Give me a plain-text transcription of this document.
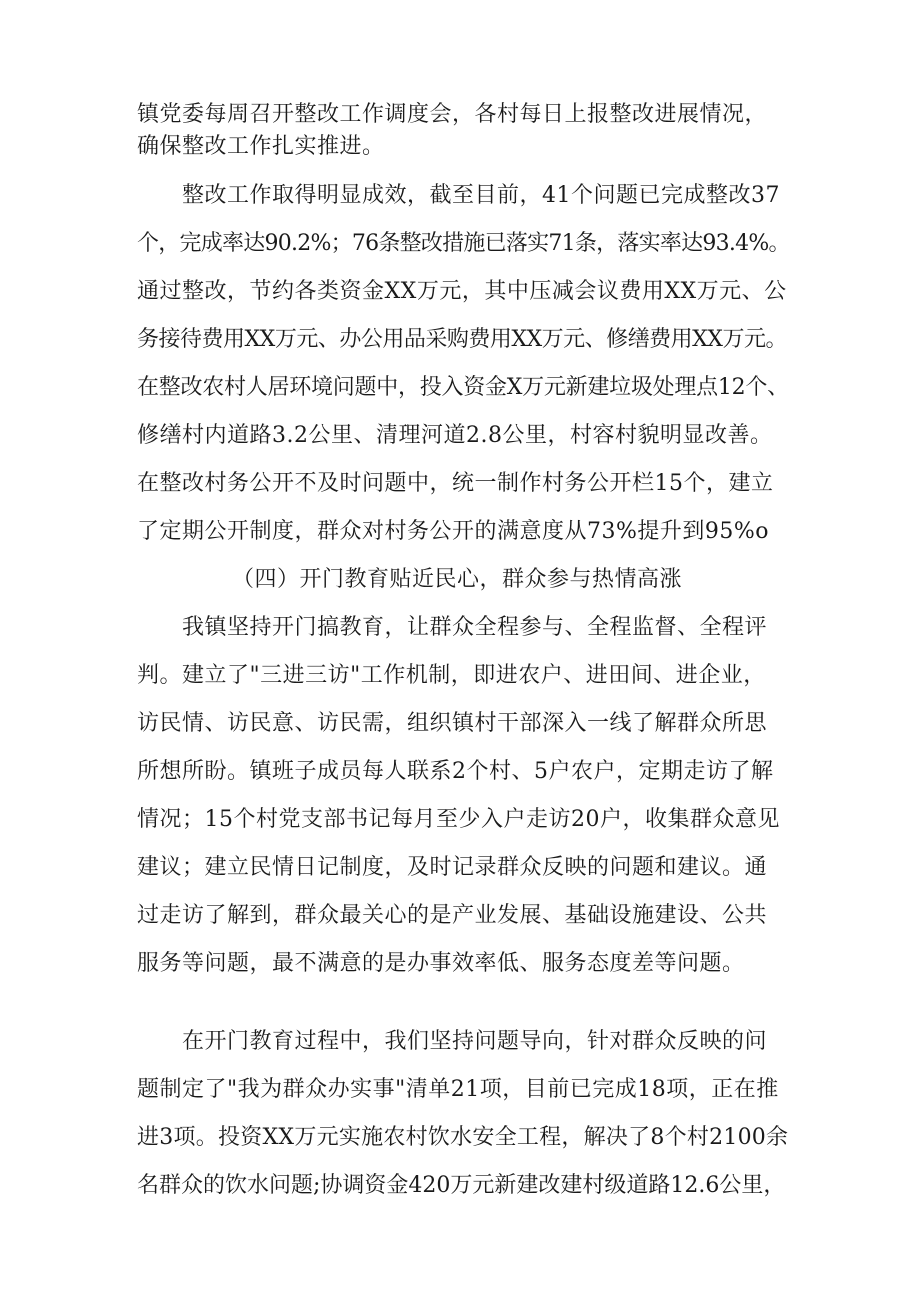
镇党委每周召开整改工作调度会，各村每日上报整改进展情况，
确保整改工作扎实推进。
整改工作取得明显成效，截至目前，41个问题已完成整改37
个，完成率达90.2%；76条整改措施已落实71条，落实率达93.4%。
通过整改，节约各类资金XX万元，其中压减会议费用XX万元、公
务接待费用XX万元、办公用品采购费用XX万元、修缮费用XX万元。
在整改农村人居环境问题中，投入资金X万元新建垃圾处理点12个、
修缮村内道路3.2公里、清理河道2.8公里，村容村貌明显改善。
在整改村务公开不及时问题中，统一制作村务公开栏15个，建立
了定期公开制度，群众对村务公开的满意度从73%提升到95%o
（四）开门教育贴近民心，群众参与热情高涨
我镇坚持开门搞教育，让群众全程参与、全程监督、全程评
判。建立了"三进三访"工作机制，即进农户、进田间、进企业，
访民情、访民意、访民需，组织镇村干部深入一线了解群众所思
所想所盼。镇班子成员每人联系2个村、5户农户，定期走访了解
情况；15个村党支部书记每月至少入户走访20户，收集群众意见
建议；建立民情日记制度，及时记录群众反映的问题和建议。通
过走访了解到，群众最关心的是产业发展、基础设施建设、公共
服务等问题，最不满意的是办事效率低、服务态度差等问题。
在开门教育过程中，我们坚持问题导向，针对群众反映的问
题制定了"我为群众办实事"清单21项，目前已完成18项，正在推
进3项。投资XX万元实施农村饮水安全工程，解决了8个村2100余
名群众的饮水问题;协调资金420万元新建改建村级道路12.6公里，
